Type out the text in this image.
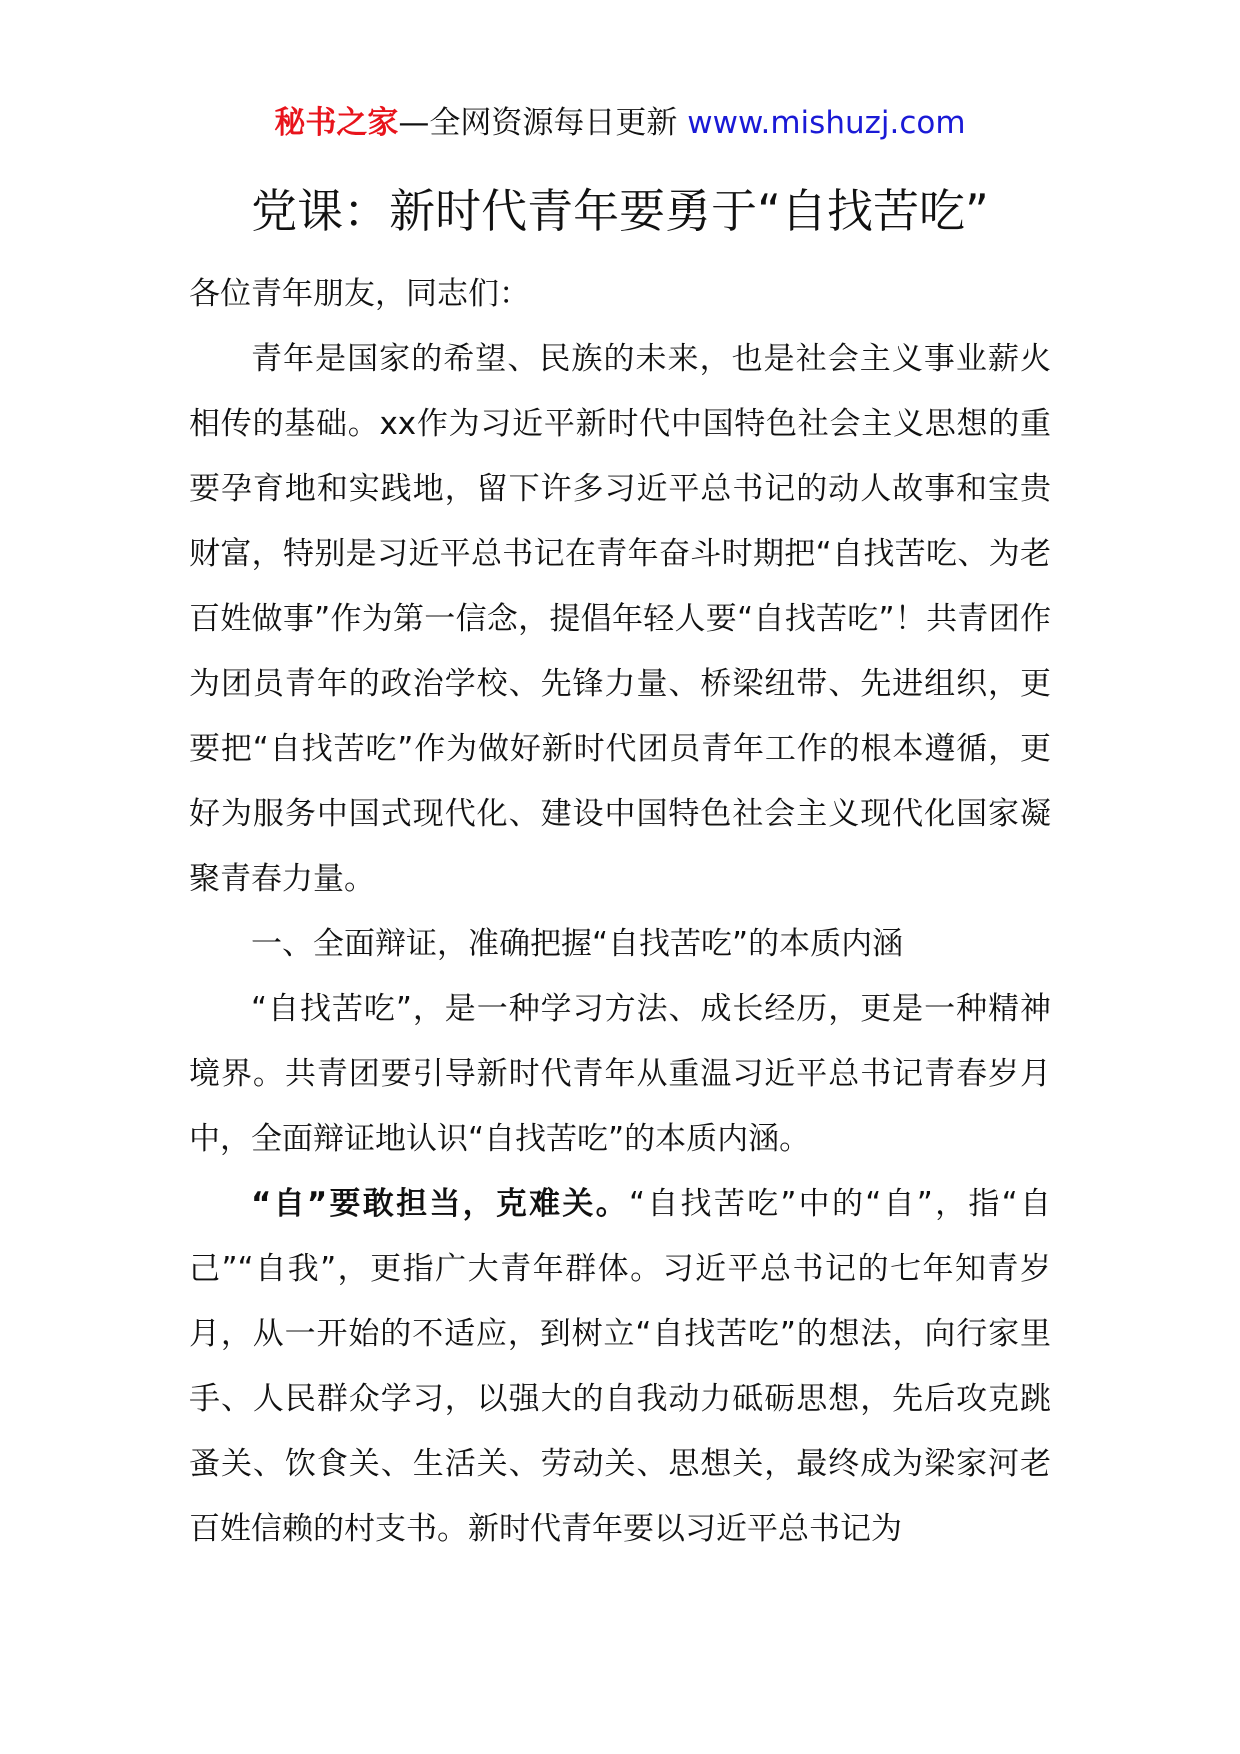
秘书之家—全网资源每日更新 www.mishuzj.com
党课：新时代青年要勇于“自找苦吃”

各位青年朋友，同志们：

青年是国家的希望、民族的未来，也是社会主义事业薪火相传的基础。xx作为习近平新时代中国特色社会主义思想的重要孕育地和实践地，留下许多习近平总书记的动人故事和宝贵财富，特别是习近平总书记在青年奋斗时期把“自找苦吃、为老百姓做事”作为第一信念，提倡年轻人要“自找苦吃”！共青团作为团员青年的政治学校、先锋力量、桥梁纽带、先进组织，更要把“自找苦吃”作为做好新时代团员青年工作的根本遵循，更好为服务中国式现代化、建设中国特色社会主义现代化国家凝聚青春力量。

一、全面辩证，准确把握“自找苦吃”的本质内涵

“自找苦吃”，是一种学习方法、成长经历，更是一种精神境界。共青团要引导新时代青年从重温习近平总书记青春岁月中，全面辩证地认识“自找苦吃”的本质内涵。

“自”要敢担当，克难关。“自找苦吃”中的“自”，指“自己”“自我”，更指广大青年群体。习近平总书记的七年知青岁月，从一开始的不适应，到树立“自找苦吃”的想法，向行家里手、人民群众学习，以强大的自我动力砥砺思想，先后攻克跳蚤关、饮食关、生活关、劳动关、思想关，最终成为梁家河老百姓信赖的村支书。新时代青年要以习近平总书记为
